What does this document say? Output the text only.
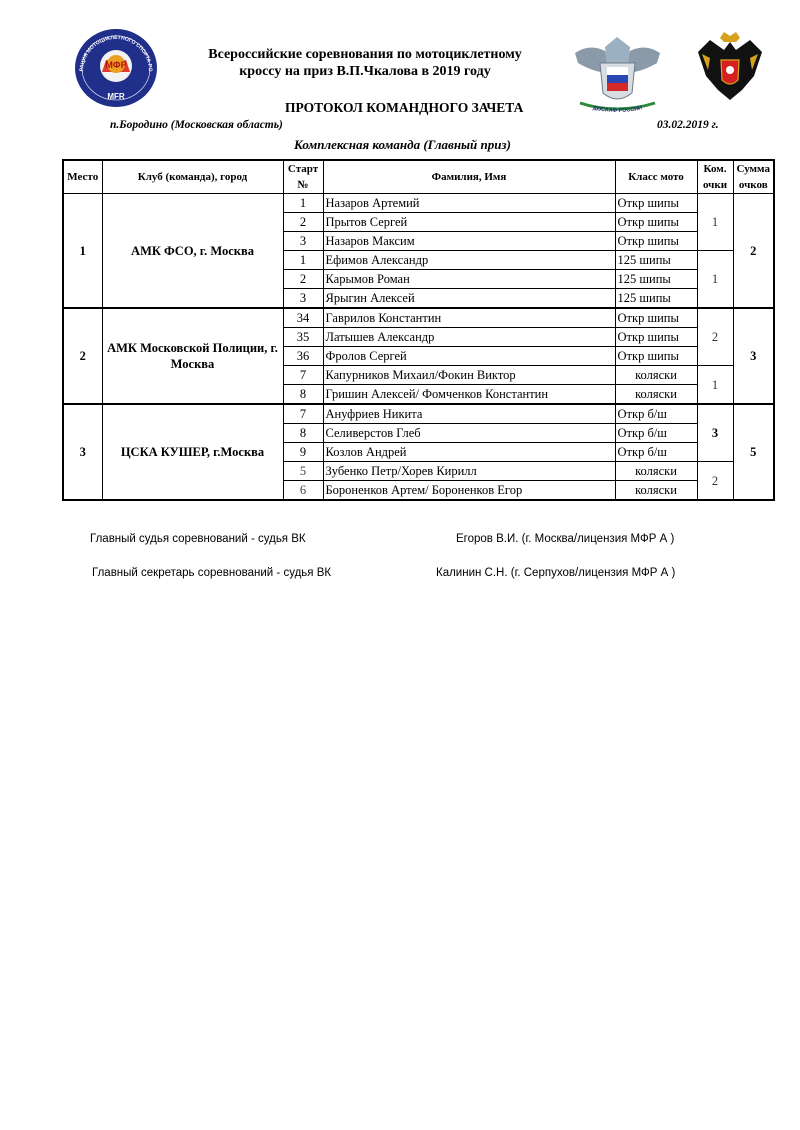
МФР
MFR
РАЦИЯ МОТОЦИКЛЕТНОГО СПОРТА РО
ДОСААФ РОССИИ
Всероссийские соревнования по мотоциклетному
кроссу на приз В.П.Чкалова в 2019 году
ПРОТОКОЛ КОМАНДНОГО ЗАЧЕТА
п.Бородино (Московская область)	03.02.2019 г.
Комплексная команда (Главный приз)
Место	Клуб (команда), город	Старт №	Фамилия, Имя	Класс мото	Ком. очки	Сумма очков
1	АМК ФСО, г. Москва	1	Назаров Артемий	Откр шипы	1	2
		2	Прытов Сергей	Откр шипы		
		3	Назаров Максим	Откр шипы		
		1	Ефимов Александр	125 шипы	1	
		2	Карымов Роман	125 шипы		
		3	Ярыгин Алексей	125 шипы		
2	АМК Московской Полиции, г. Москва	34	Гаврилов Константин	Откр шипы	2	3
		35	Латышев Александр	Откр шипы		
		36	Фролов Сергей	Откр шипы		
		7	Капурников Михаил/Фокин Виктор	коляски	1	
		8	Гришин Алексей/ Фомченков Константин	коляски		
3	ЦСКА КУШЕР, г.Москва	7	Ануфриев Никита	Откр б/ш	3	5
		8	Селиверстов Глеб	Откр б/ш		
		9	Козлов Андрей	Откр б/ш		
		5	Зубенко Петр/Хорев Кирилл	коляски	2	
		6	Бороненков Артем/ Бороненков Егор	коляски		
Главный судья соревнований - судья ВК	Егоров В.И. (г. Москва/лицензия МФР А )
Главный секретарь соревнований - судья ВК	Калинин С.Н. (г. Серпухов/лицензия МФР А )
